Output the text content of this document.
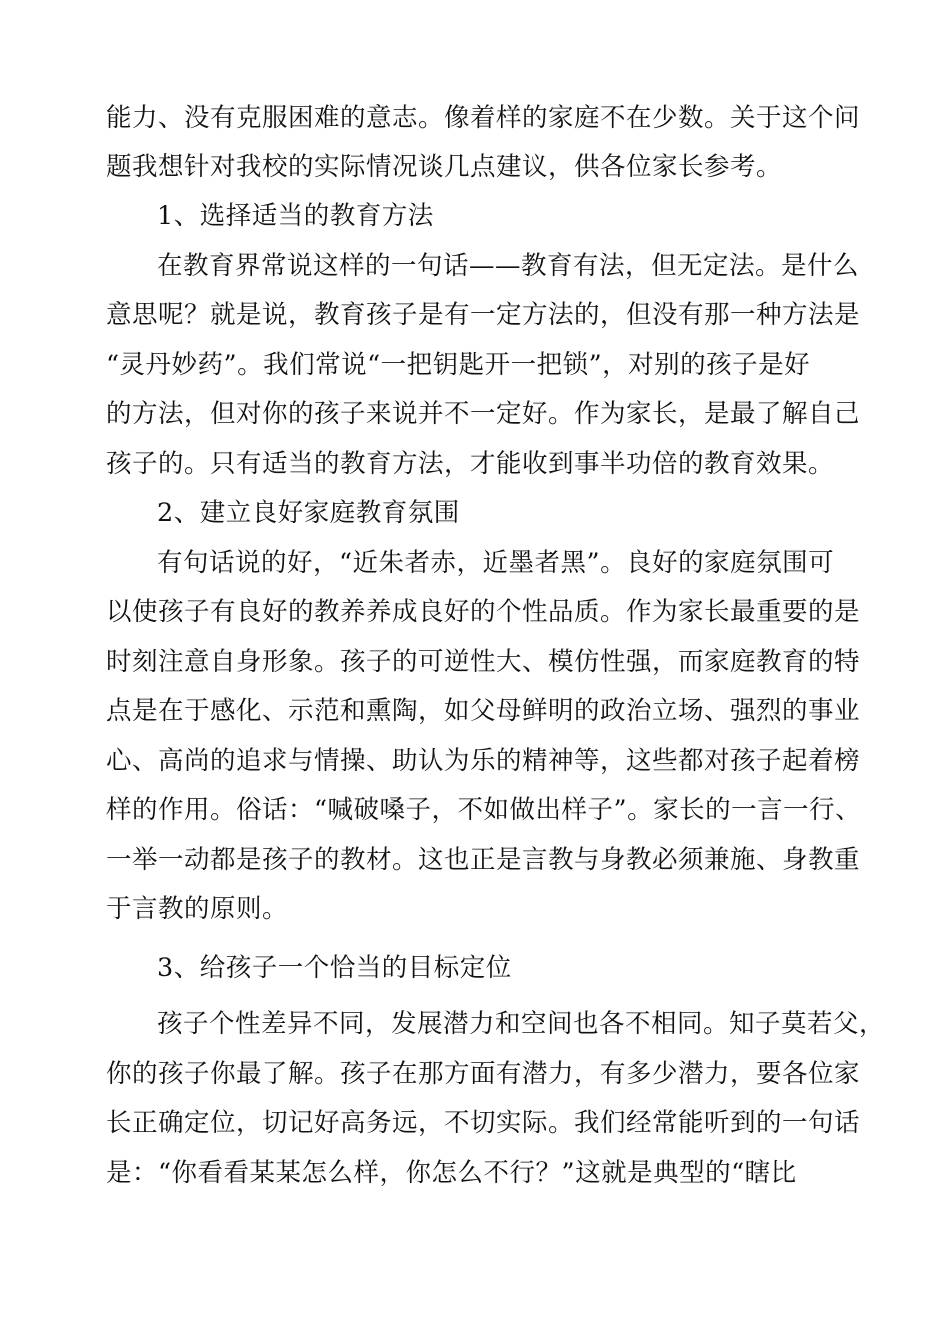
能力、没有克服困难的意志。像着样的家庭不在少数。关于这个问
题我想针对我校的实际情况谈几点建议，供各位家长参考。
1、选择适当的教育方法
在教育界常说这样的一句话——教育有法，但无定法。是什么
意思呢？就是说，教育孩子是有一定方法的，但没有那一种方法是
“灵丹妙药”。我们常说“一把钥匙开一把锁”，对别的孩子是好
的方法，但对你的孩子来说并不一定好。作为家长，是最了解自己
孩子的。只有适当的教育方法，才能收到事半功倍的教育效果。
2、建立良好家庭教育氛围
有句话说的好，“近朱者赤，近墨者黑”。良好的家庭氛围可
以使孩子有良好的教养养成良好的个性品质。作为家长最重要的是
时刻注意自身形象。孩子的可逆性大、模仿性强，而家庭教育的特
点是在于感化、示范和熏陶，如父母鲜明的政治立场、强烈的事业
心、高尚的追求与情操、助认为乐的精神等，这些都对孩子起着榜
样的作用。俗话：“喊破嗓子，不如做出样子”。家长的一言一行、
一举一动都是孩子的教材。这也正是言教与身教必须兼施、身教重
于言教的原则。
3、给孩子一个恰当的目标定位
孩子个性差异不同，发展潜力和空间也各不相同。知子莫若父，
你的孩子你最了解。孩子在那方面有潜力，有多少潜力，要各位家
长正确定位，切记好高务远，不切实际。我们经常能听到的一句话
是：“你看看某某怎么样，你怎么不行？”这就是典型的“瞎比
